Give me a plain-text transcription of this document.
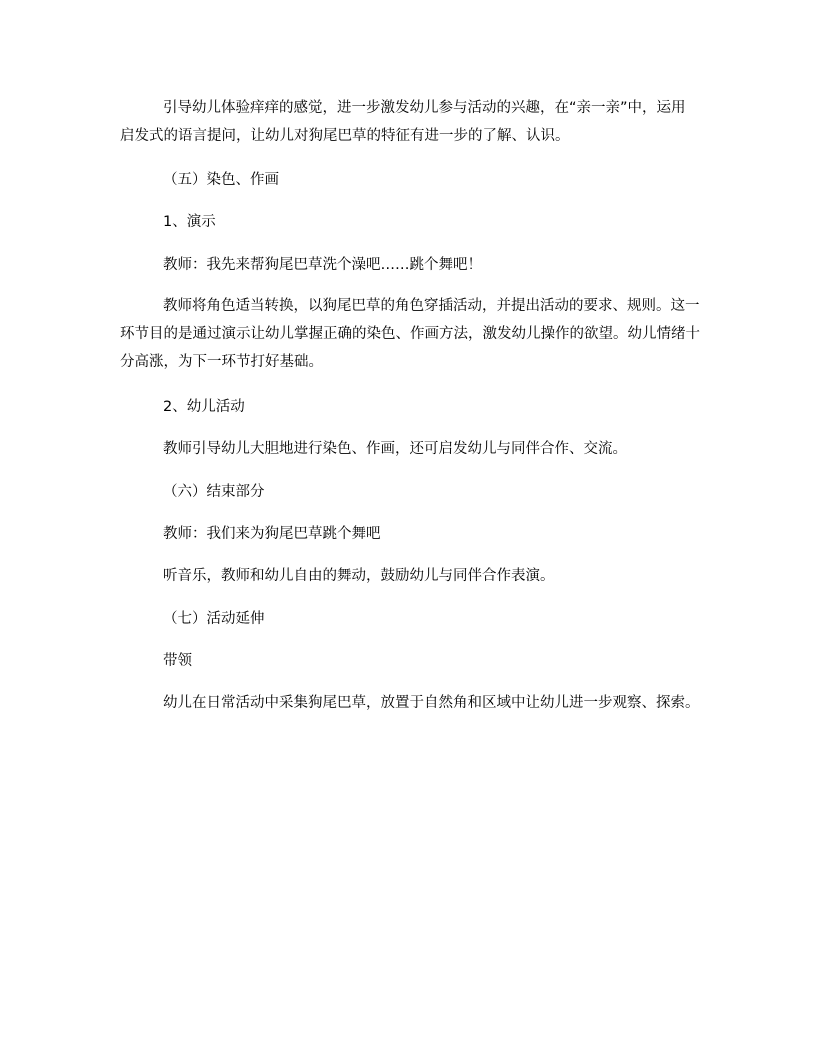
引导幼儿体验痒痒的感觉，进一步激发幼儿参与活动的兴趣，在“亲一亲”中，运用启发式的语言提问，让幼儿对狗尾巴草的特征有进一步的了解、认识。

（五）染色、作画

1、演示

教师：我先来帮狗尾巴草洗个澡吧……跳个舞吧！

教师将角色适当转换，以狗尾巴草的角色穿插活动，并提出活动的要求、规则。这一环节目的是通过演示让幼儿掌握正确的染色、作画方法，激发幼儿操作的欲望。幼儿情绪十分高涨，为下一环节打好基础。

2、幼儿活动

教师引导幼儿大胆地进行染色、作画，还可启发幼儿与同伴合作、交流。

（六）结束部分

教师：我们来为狗尾巴草跳个舞吧

听音乐，教师和幼儿自由的舞动，鼓励幼儿与同伴合作表演。

（七）活动延伸

带领

幼儿在日常活动中采集狗尾巴草，放置于自然角和区域中让幼儿进一步观察、探索。
